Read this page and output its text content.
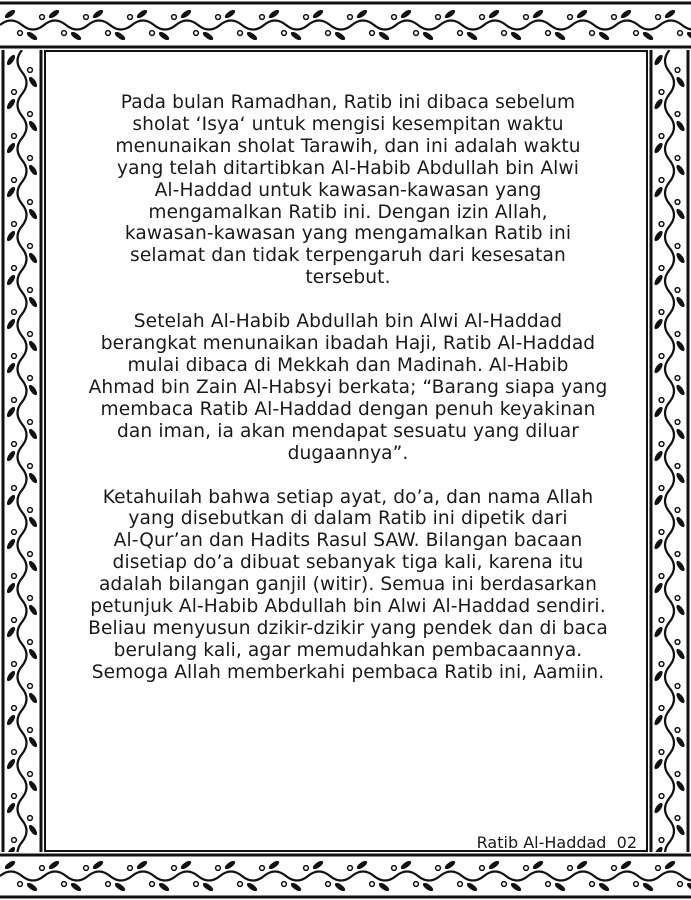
Pada bulan Ramadhan, Ratib ini dibaca sebelum
sholat ‘Isya‘ untuk mengisi kesempitan waktu
menunaikan sholat Tarawih, dan ini adalah waktu
yang telah ditartibkan Al-Habib Abdullah bin Alwi
Al-Haddad untuk kawasan-kawasan yang
mengamalkan Ratib ini. Dengan izin Allah,
kawasan-kawasan yang mengamalkan Ratib ini
selamat dan tidak terpengaruh dari kesesatan
tersebut.

Setelah Al-Habib Abdullah bin Alwi Al-Haddad
berangkat menunaikan ibadah Haji, Ratib Al-Haddad
mulai dibaca di Mekkah dan Madinah. Al-Habib
Ahmad bin Zain Al-Habsyi berkata; “Barang siapa yang
membaca Ratib Al-Haddad dengan penuh keyakinan
dan iman, ia akan mendapat sesuatu yang diluar
dugaannya”.

Ketahuilah bahwa setiap ayat, do’a, dan nama Allah
yang disebutkan di dalam Ratib ini dipetik dari
Al-Qur’an dan Hadits Rasul SAW. Bilangan bacaan
disetiap do’a dibuat sebanyak tiga kali, karena itu
adalah bilangan ganjil (witir). Semua ini berdasarkan
petunjuk Al-Habib Abdullah bin Alwi Al-Haddad sendiri.
Beliau menyusun dzikir-dzikir yang pendek dan di baca
berulang kali, agar memudahkan pembacaannya.
Semoga Allah memberkahi pembaca Ratib ini, Aamiin.

Ratib Al-Haddad  02
